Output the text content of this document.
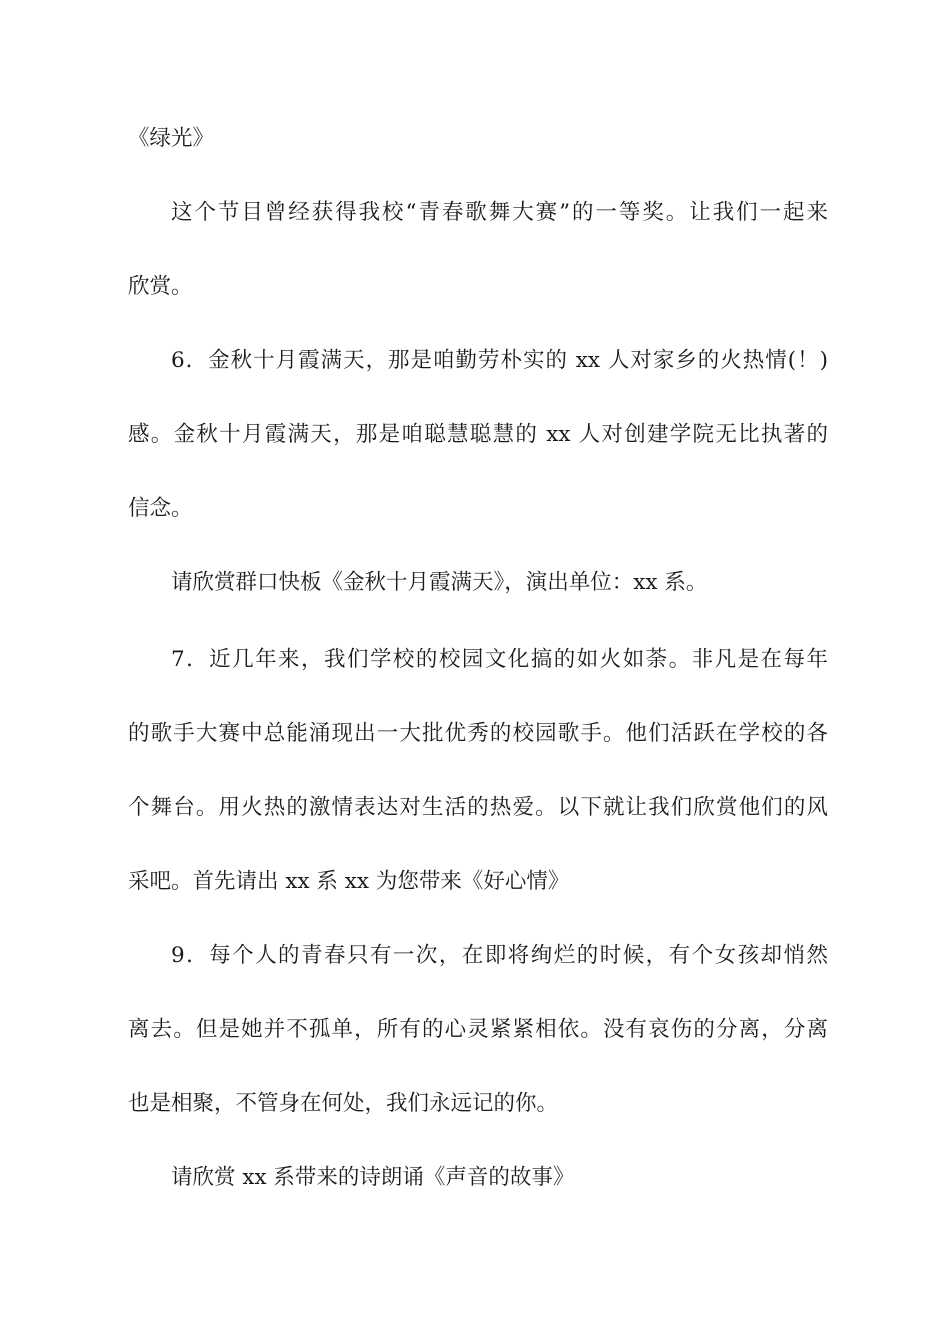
《绿光》
这个节目曾经获得我校“青春歌舞大赛”的一等奖。让我们一起来
欣赏。
6．金秋十月霞满天，那是咱勤劳朴实的 xx 人对家乡的火热情(！)
感。金秋十月霞满天，那是咱聪慧聪慧的 xx 人对创建学院无比执著的
信念。
请欣赏群口快板《金秋十月霞满天》，演出单位：xx 系。
7．近几年来，我们学校的校园文化搞的如火如荼。非凡是在每年
的歌手大赛中总能涌现出一大批优秀的校园歌手。他们活跃在学校的各
个舞台。用火热的激情表达对生活的热爱。以下就让我们欣赏他们的风
采吧。首先请出 xx 系 xx 为您带来《好心情》
9．每个人的青春只有一次，在即将绚烂的时候，有个女孩却悄然
离去。但是她并不孤单，所有的心灵紧紧相依。没有哀伤的分离，分离
也是相聚，不管身在何处，我们永远记的你。
请欣赏 xx 系带来的诗朗诵《声音的故事》
